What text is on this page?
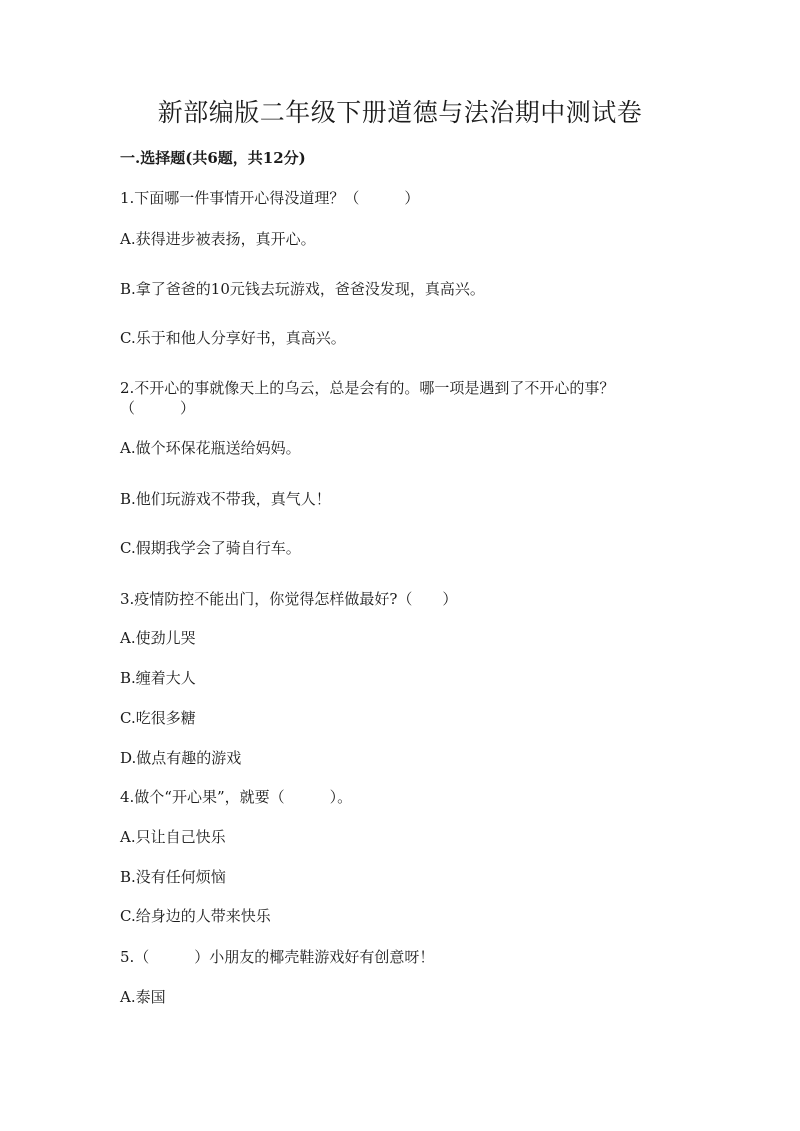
新部编版二年级下册道德与法治期中测试卷
一.选择题(共6题，共12分)
1.下面哪一件事情开心得没道理？（　　　）
A.获得进步被表扬，真开心。
B.拿了爸爸的10元钱去玩游戏，爸爸没发现，真高兴。
C.乐于和他人分享好书，真高兴。
2.不开心的事就像天上的乌云，总是会有的。哪一项是遇到了不开心的事？（　　　）
A.做个环保花瓶送给妈妈。
B.他们玩游戏不带我，真气人！
C.假期我学会了骑自行车。
3.疫情防控不能出门，你觉得怎样做最好?（　　）
A.使劲儿哭
B.缠着大人
C.吃很多糖
D.做点有趣的游戏
4.做个“开心果”，就要（　　　）。
A.只让自己快乐
B.没有任何烦恼
C.给身边的人带来快乐
5.（　　　）小朋友的椰壳鞋游戏好有创意呀！
A.泰国
